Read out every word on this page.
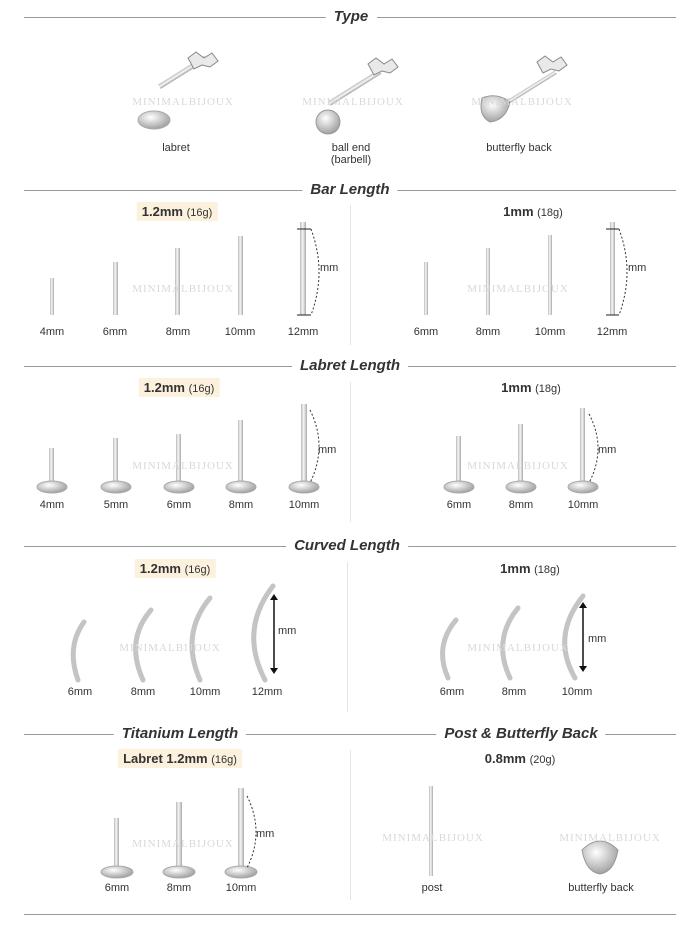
Type
Bar Length
Labret Length
Curved Length
Titanium Length	Post & Butterfly Back
MINIMALBIJOUX	MINIMALBIJOUX	MINIMALBIJOUX
MINIMALBIJOUX	MINIMALBIJOUX
MINIMALBIJOUX	MINIMALBIJOUX
MINIMALBIJOUX	MINIMALBIJOUX
MINIMALBIJOUX	MINIMALBIJOUX	MINIMALBIJOUX
labret	ball end
(barbell)
butterfly back
1.2mm (16g)	1mm (18g)
4mm	6mm	8mm	10mm	12mm
mm
6mm	8mm	10mm	12mm
mm
1.2mm (16g)	1mm (18g)
4mm	5mm	6mm	8mm	10mm
mm
6mm	8mm	10mm
mm
1.2mm (16g)	1mm (18g)
6mm	8mm	10mm	12mm
mm
6mm	8mm	10mm
mm
Labret 1.2mm (16g)
6mm	8mm	10mm
mm
0.8mm (20g)
post	butterfly back
